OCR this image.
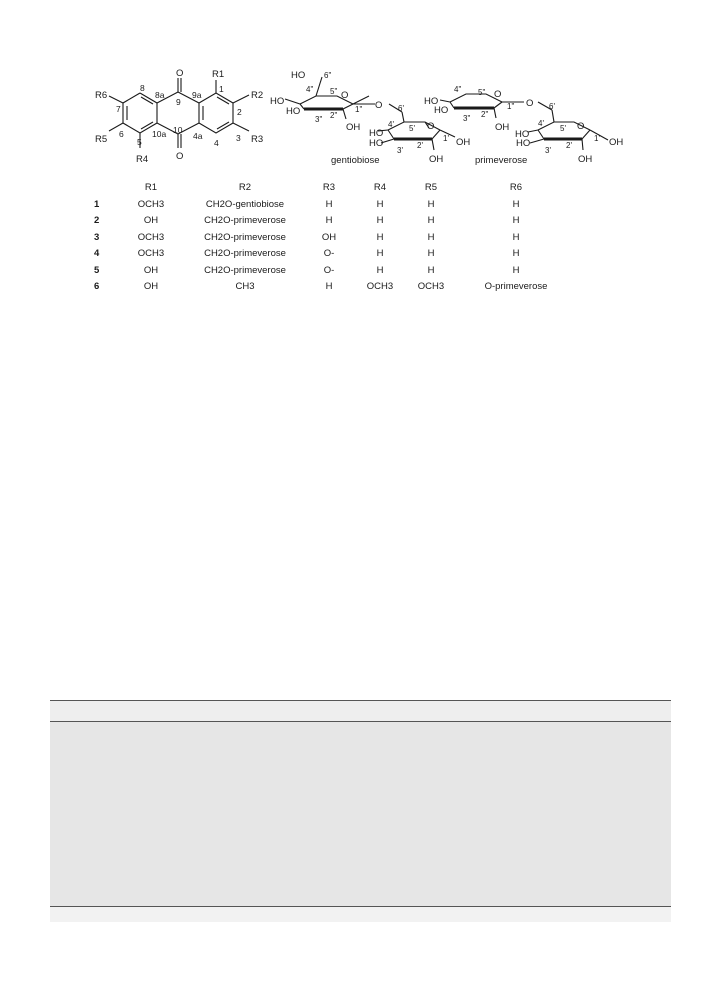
O
O
R1
R2
R3
R4
R5
R6
1
2
3
4
4a
5
6
7
8
8a
9
9a
10
10a
HO 6"
5"
4"
HO
O
1" O 6'
HO
3" 2"
OH	4' 5' O
HO	1' OH
HO
3'
2'
OH
gentiobiose
4" 5"
HO
O
1" O 6'
HO
3" 2"
OH	4'
5' O
HO	1' OH
HO
3'
2'
OH
primeverose
	R1	R2	R3	R4	R5	R6
1	OCH3	CH2O-gentiobiose	H	H	H	H
2	OH	CH2O-primeverose	H	H	H	H
3	OCH3	CH2O-primeverose	OH	H	H	H
4	OCH3	CH2O-primeverose	O-	H	H	H
5	OH	CH2O-primeverose	O-	H	H	H
6	OH	CH3	H	OCH3	OCH3	O-primeverose
